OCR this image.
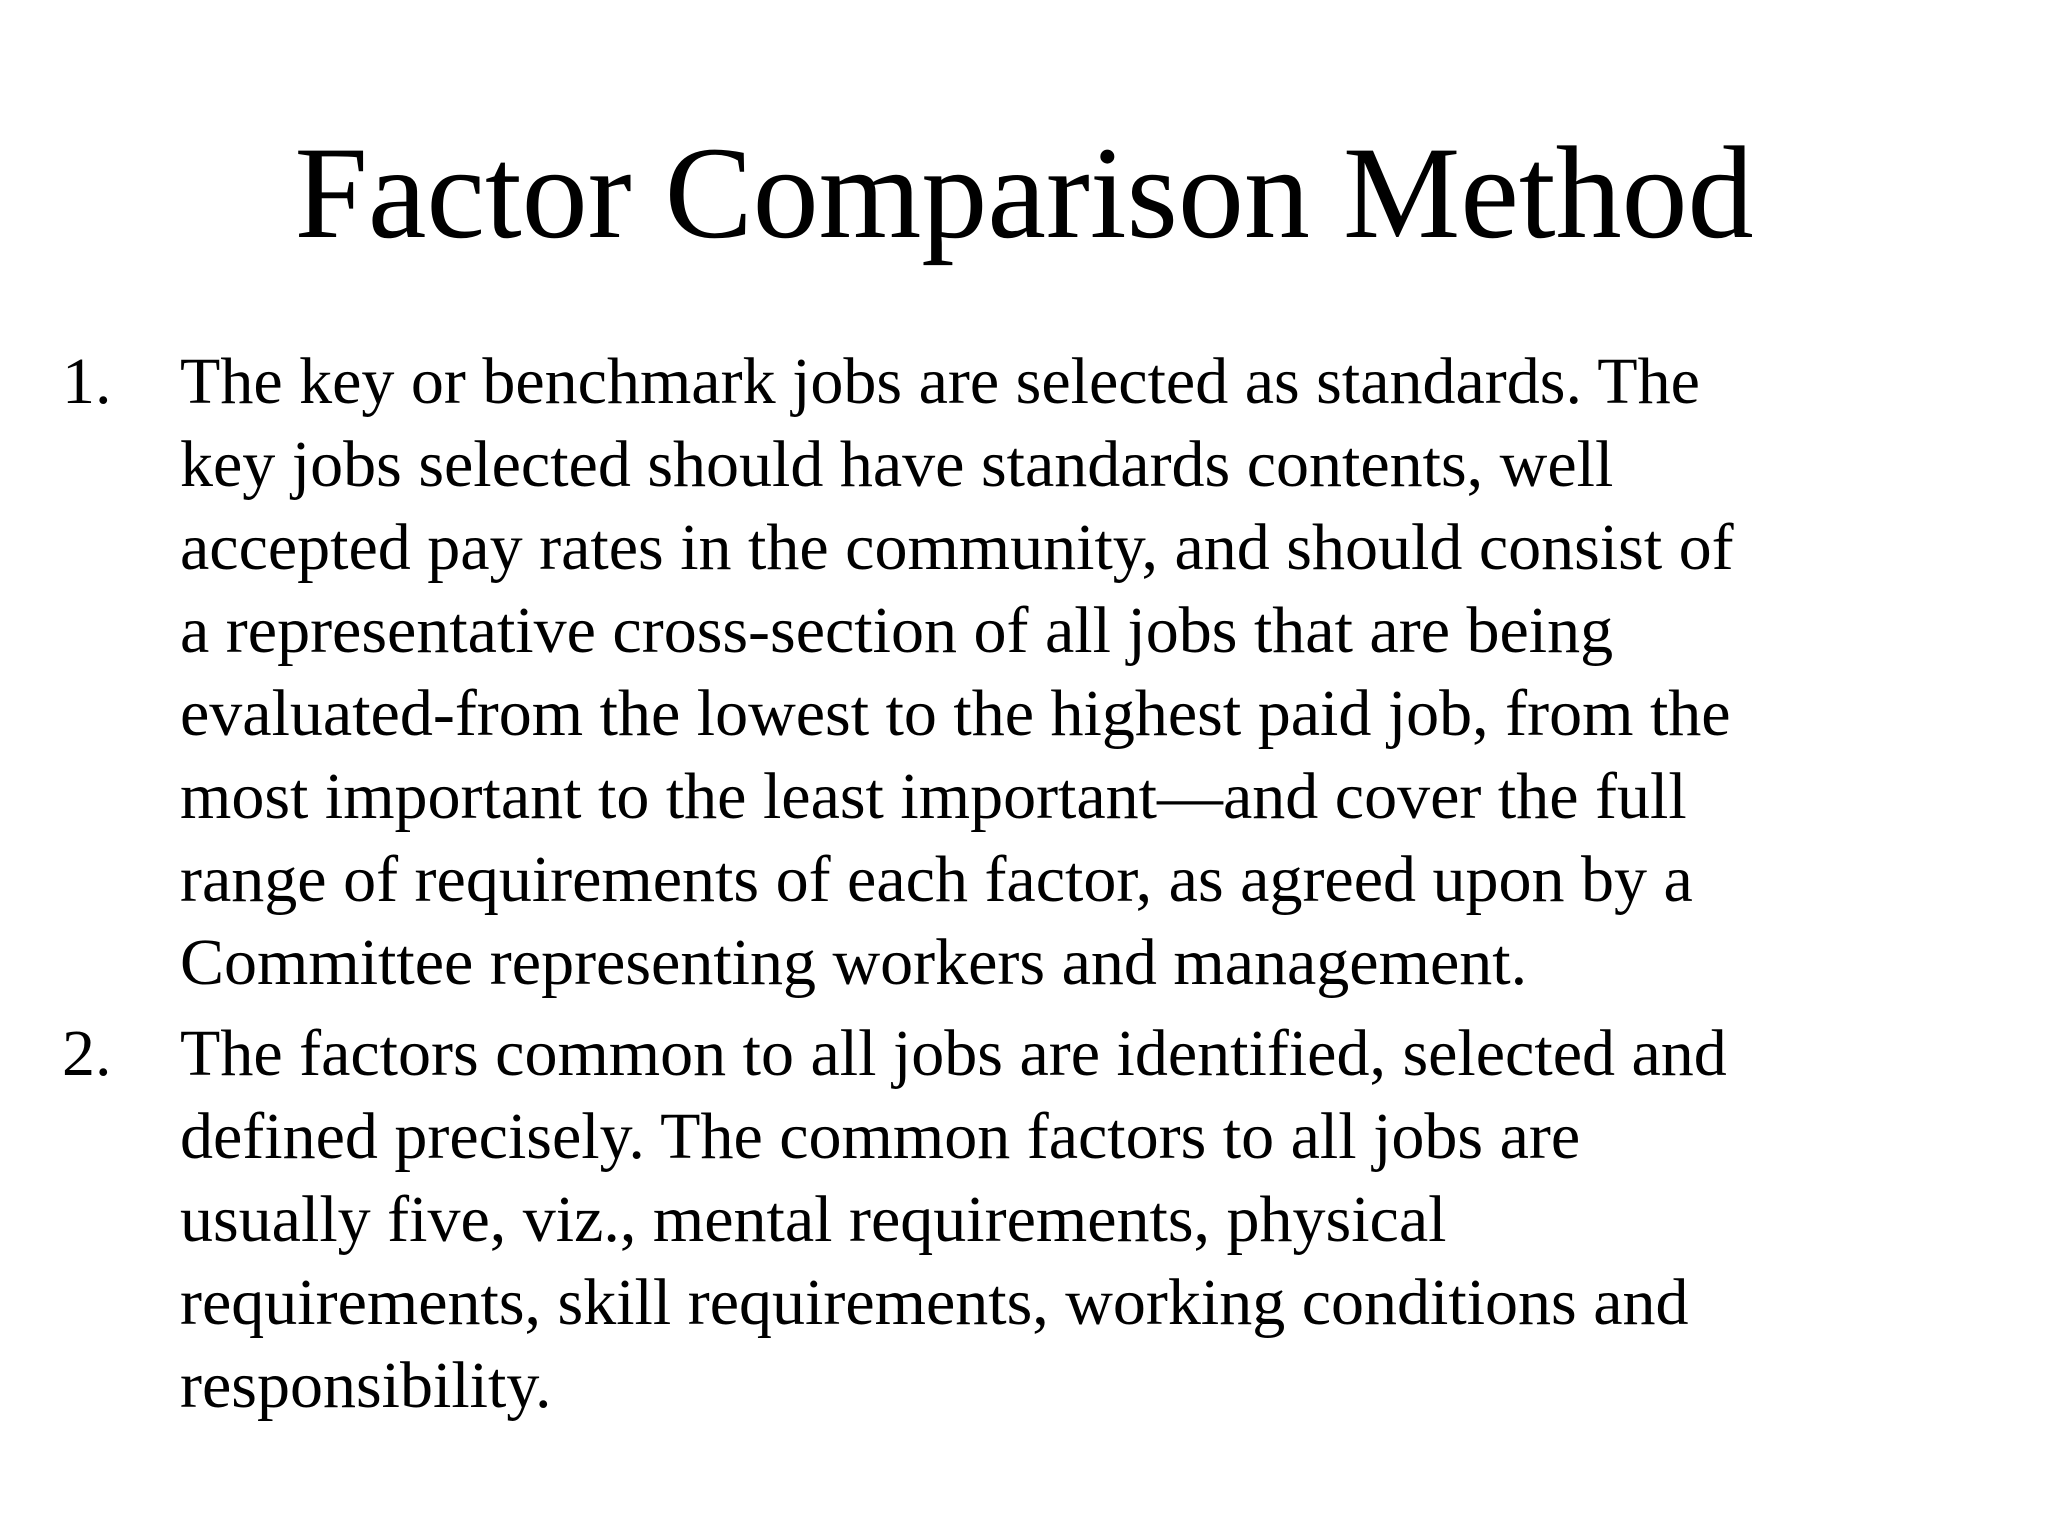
Factor Comparison Method
1. The key or benchmark jobs are selected as standards. The
key jobs selected should have standards contents, well
accepted pay rates in the community, and should consist of
a representative cross-section of all jobs that are being
evaluated-from the lowest to the highest paid job, from the
most important to the least important—and cover the full
range of requirements of each factor, as agreed upon by a
Committee representing workers and management.

2. The factors common to all jobs are identified, selected and
defined precisely. The common factors to all jobs are
usually five, viz., mental requirements, physical
requirements, skill requirements, working conditions and
responsibility.
